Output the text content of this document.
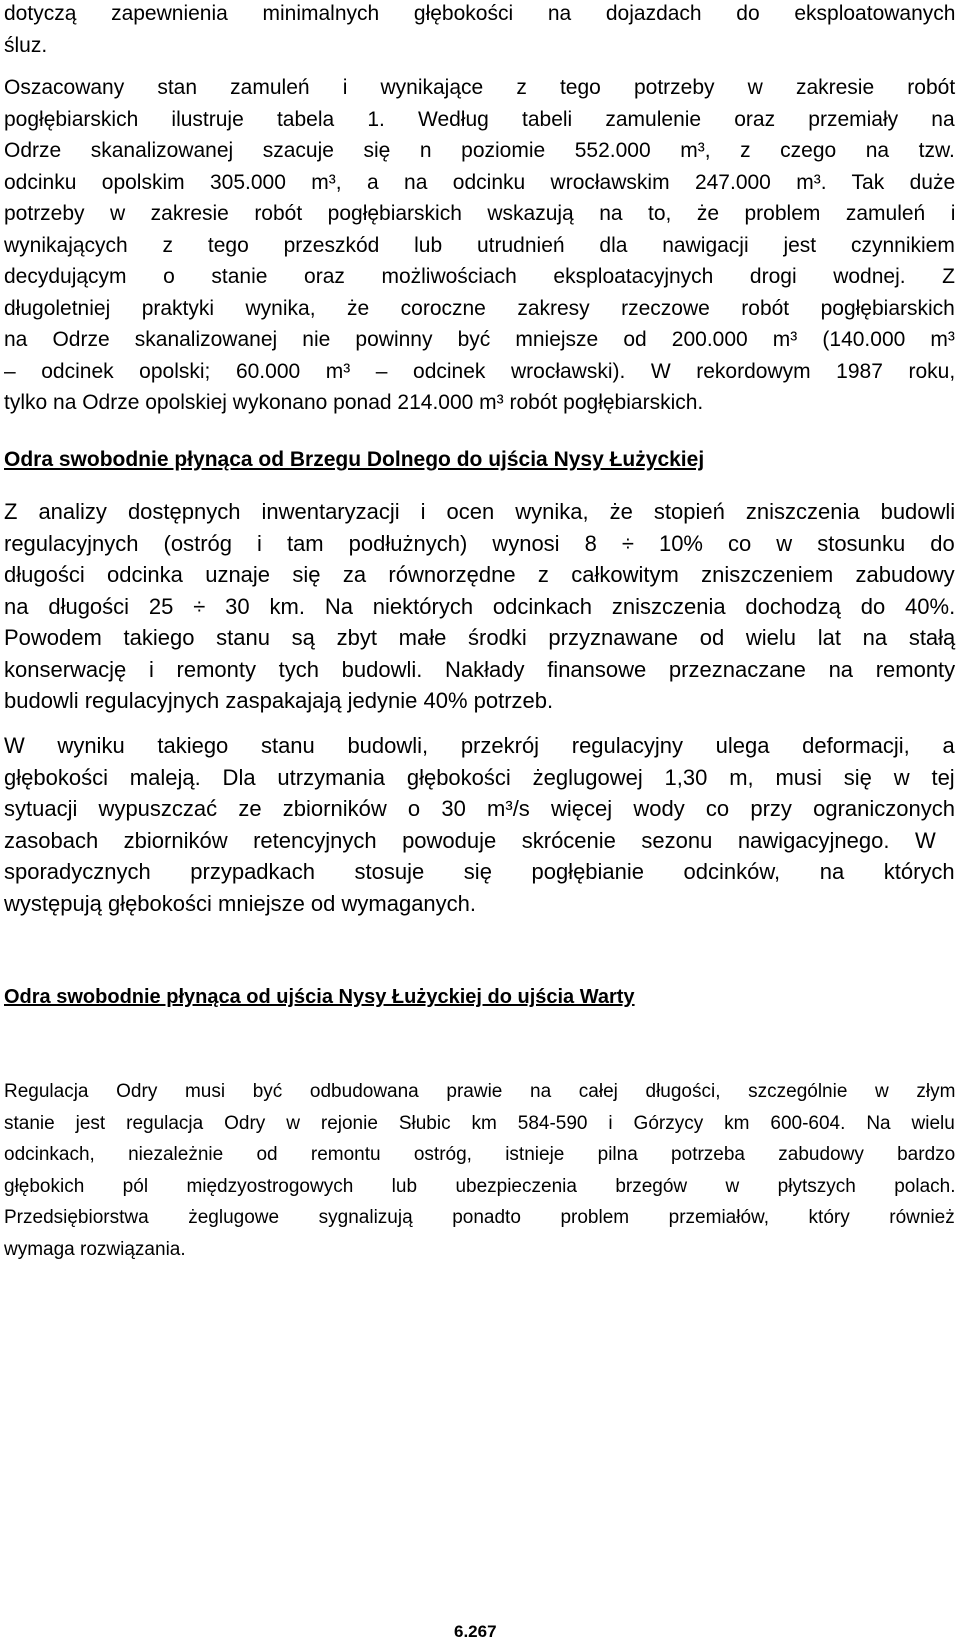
dotyczą zapewnienia minimalnych głębokości na dojazdach do eksploatowanych
śluz.
Oszacowany stan zamuleń i wynikające z tego potrzeby w zakresie robót
pogłębiarskich ilustruje tabela 1. Według tabeli zamulenie oraz przemiały na
Odrze skanalizowanej szacuje się n poziomie 552.000 m³, z czego na tzw.
odcinku opolskim 305.000 m³, a na odcinku wrocławskim 247.000 m³. Tak duże
potrzeby w zakresie robót pogłębiarskich wskazują na to, że problem zamuleń i
wynikających z tego przeszkód lub utrudnień dla nawigacji jest czynnikiem
decydującym o stanie oraz możliwościach eksploatacyjnych drogi wodnej. Z
długoletniej praktyki wynika, że coroczne zakresy rzeczowe robót pogłębiarskich
na Odrze skanalizowanej nie powinny być mniejsze od 200.000 m³ (140.000 m³
– odcinek opolski; 60.000 m³ – odcinek wrocławski). W rekordowym 1987 roku,
tylko na Odrze opolskiej wykonano ponad 214.000 m³ robót pogłębiarskich.
Odra swobodnie płynąca od Brzegu Dolnego do ujścia Nysy Łużyckiej
Z analizy dostępnych inwentaryzacji i ocen wynika, że stopień zniszczenia budowli
regulacyjnych (ostróg i tam podłużnych) wynosi 8 ÷ 10% co w stosunku do
długości odcinka uznaje się za równorzędne z całkowitym zniszczeniem zabudowy
na długości 25 ÷ 30 km. Na niektórych odcinkach zniszczenia dochodzą do 40%.
Powodem takiego stanu są zbyt małe środki przyznawane od wielu lat na stałą
konserwację i remonty tych budowli. Nakłady finansowe przeznaczane na remonty
budowli regulacyjnych zaspakajają jedynie 40% potrzeb.
W wyniku takiego stanu budowli, przekrój regulacyjny ulega deformacji, a
głębokości maleją. Dla utrzymania głębokości żeglugowej 1,30 m, musi się w tej
sytuacji wypuszczać ze zbiorników o 30 m³/s więcej wody co przy ograniczonych
zasobach zbiorników retencyjnych powoduje skrócenie sezonu nawigacyjnego. W
sporadycznych przypadkach stosuje się pogłębianie odcinków, na których
występują głębokości mniejsze od wymaganych.
Odra swobodnie płynąca od ujścia Nysy Łużyckiej do ujścia Warty
Regulacja Odry musi być odbudowana prawie na całej długości, szczególnie w złym
stanie jest regulacja Odry w rejonie Słubic km 584-590 i Górzycy km 600-604. Na wielu
odcinkach, niezależnie od remontu ostróg, istnieje pilna potrzeba zabudowy bardzo
głębokich pól międzyostrogowych lub ubezpieczenia brzegów w płytszych polach.
Przedsiębiorstwa żeglugowe sygnalizują ponadto problem przemiałów, który również
wymaga rozwiązania.
6.267
